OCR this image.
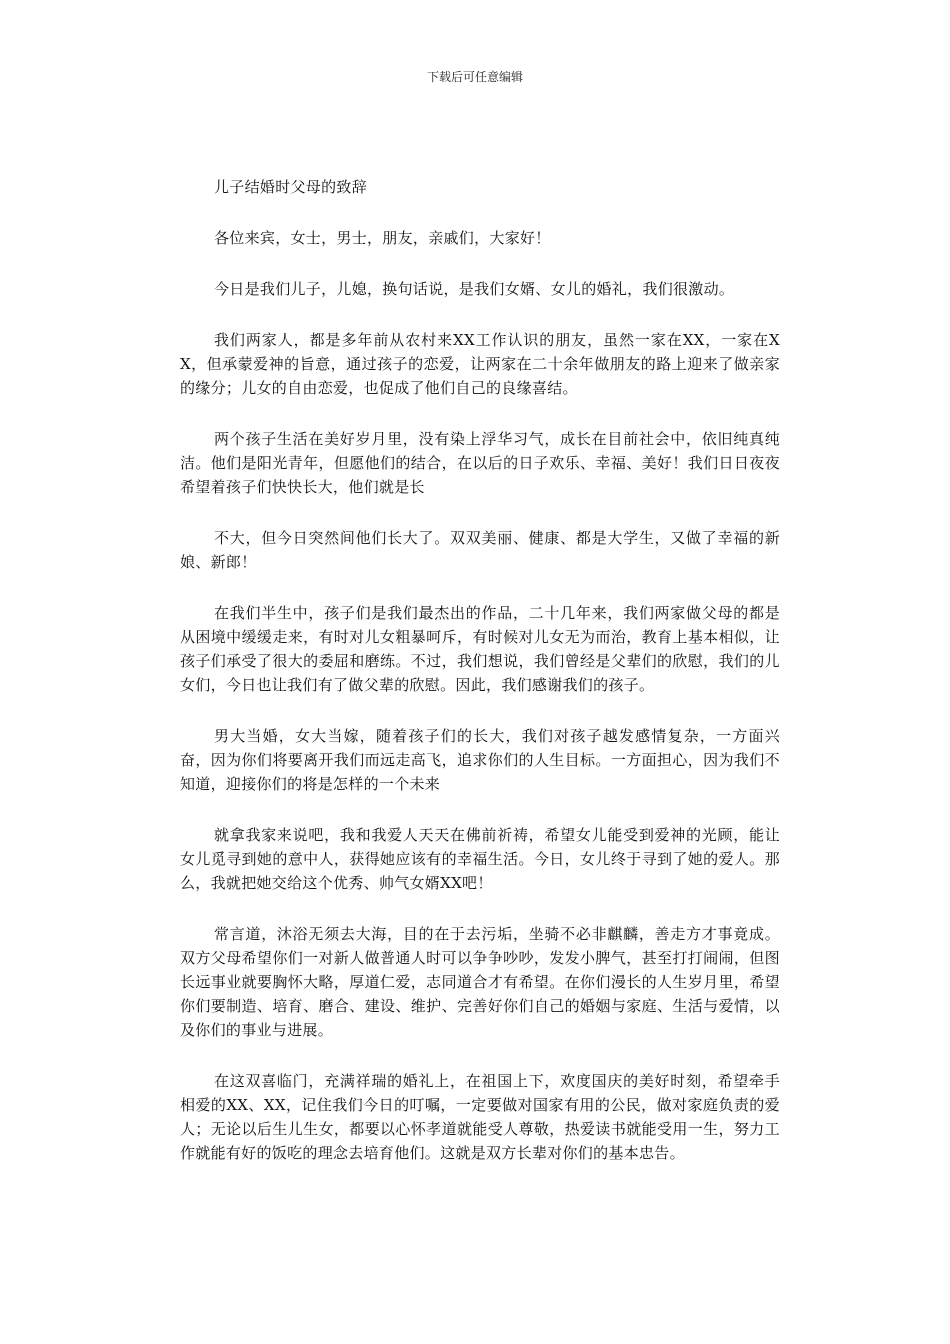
下载后可任意编辑

儿子结婚时父母的致辞

各位来宾，女士，男士，朋友，亲戚们，大家好！

今日是我们儿子，儿媳，换句话说，是我们女婿、女儿的婚礼，我们很激动。

我们两家人，都是多年前从农村来XX工作认识的朋友，虽然一家在XX，一家在XX，但承蒙爱神的旨意，通过孩子的恋爱，让两家在二十余年做朋友的路上迎来了做亲家的缘分；儿女的自由恋爱，也促成了他们自己的良缘喜结。

两个孩子生活在美好岁月里，没有染上浮华习气，成长在目前社会中，依旧纯真纯洁。他们是阳光青年，但愿他们的结合，在以后的日子欢乐、幸福、美好！我们日日夜夜希望着孩子们快快长大，他们就是长

不大，但今日突然间他们长大了。双双美丽、健康、都是大学生，又做了幸福的新娘、新郎！

在我们半生中，孩子们是我们最杰出的作品，二十几年来，我们两家做父母的都是从困境中缓缓走来，有时对儿女粗暴呵斥，有时候对儿女无为而治，教育上基本相似，让孩子们承受了很大的委屈和磨练。不过，我们想说，我们曾经是父辈们的欣慰，我们的儿女们，今日也让我们有了做父辈的欣慰。因此，我们感谢我们的孩子。

男大当婚，女大当嫁，随着孩子们的长大，我们对孩子越发感情复杂，一方面兴奋，因为你们将要离开我们而远走高飞，追求你们的人生目标。一方面担心，因为我们不知道，迎接你们的将是怎样的一个未来

就拿我家来说吧，我和我爱人天天在佛前祈祷，希望女儿能受到爱神的光顾，能让女儿觅寻到她的意中人，获得她应该有的幸福生活。今日，女儿终于寻到了她的爱人。那么，我就把她交给这个优秀、帅气女婿XX吧！

常言道，沐浴无须去大海，目的在于去污垢，坐骑不必非麒麟，善走方才事竟成。双方父母希望你们一对新人做普通人时可以争争吵吵，发发小脾气，甚至打打闹闹，但图长远事业就要胸怀大略，厚道仁爱，志同道合才有希望。在你们漫长的人生岁月里，希望你们要制造、培育、磨合、建设、维护、完善好你们自己的婚姻与家庭、生活与爱情，以及你们的事业与进展。

在这双喜临门，充满祥瑞的婚礼上，在祖国上下，欢度国庆的美好时刻，希望牵手相爱的XX、XX，记住我们今日的叮嘱，一定要做对国家有用的公民，做对家庭负责的爱人；无论以后生儿生女，都要以心怀孝道就能受人尊敬，热爱读书就能受用一生，努力工作就能有好的饭吃的理念去培育他们。这就是双方长辈对你们的基本忠告。
